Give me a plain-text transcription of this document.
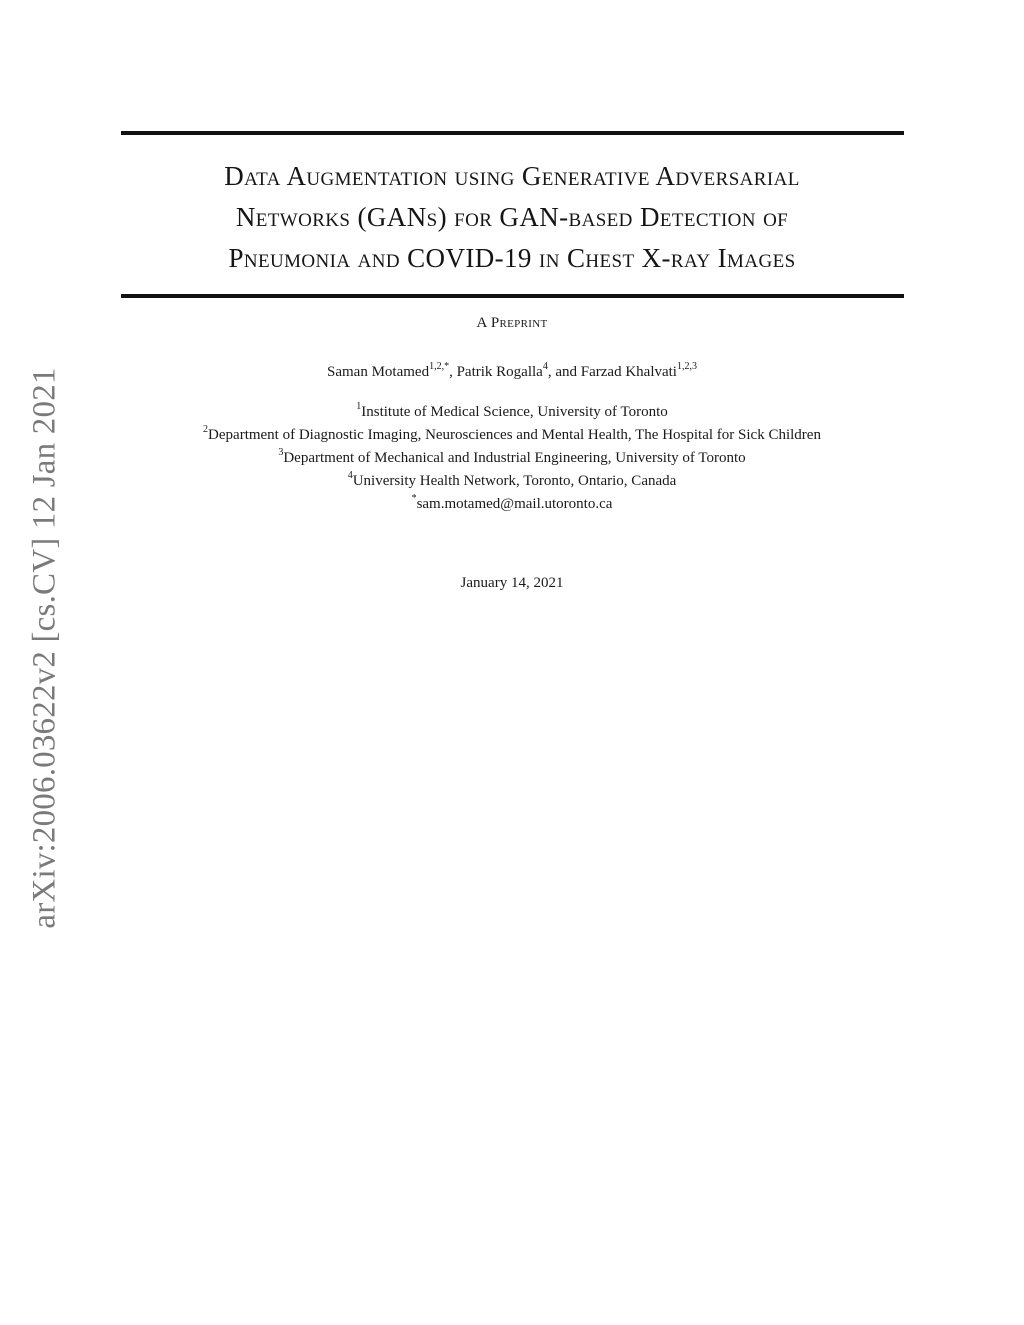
arXiv:2006.03622v2 [cs.CV] 12 Jan 2021
Data Augmentation using Generative Adversarial
Networks (GANs) for GAN-based Detection of
Pneumonia and COVID-19 in Chest X-ray Images
A Preprint
Saman Motamed$^{1,2,*}$, Patrik Rogalla$^4$, and Farzad Khalvati$^{1,2,3}$
$^1$Institute of Medical Science, University of Toronto
$^2$Department of Diagnostic Imaging, Neurosciences and Mental Health, The Hospital for Sick Children
$^3$Department of Mechanical and Industrial Engineering, University of Toronto
$^4$University Health Network, Toronto, Ontario, Canada
*sam.motamed@mail.utoronto.ca
January 14, 2021
